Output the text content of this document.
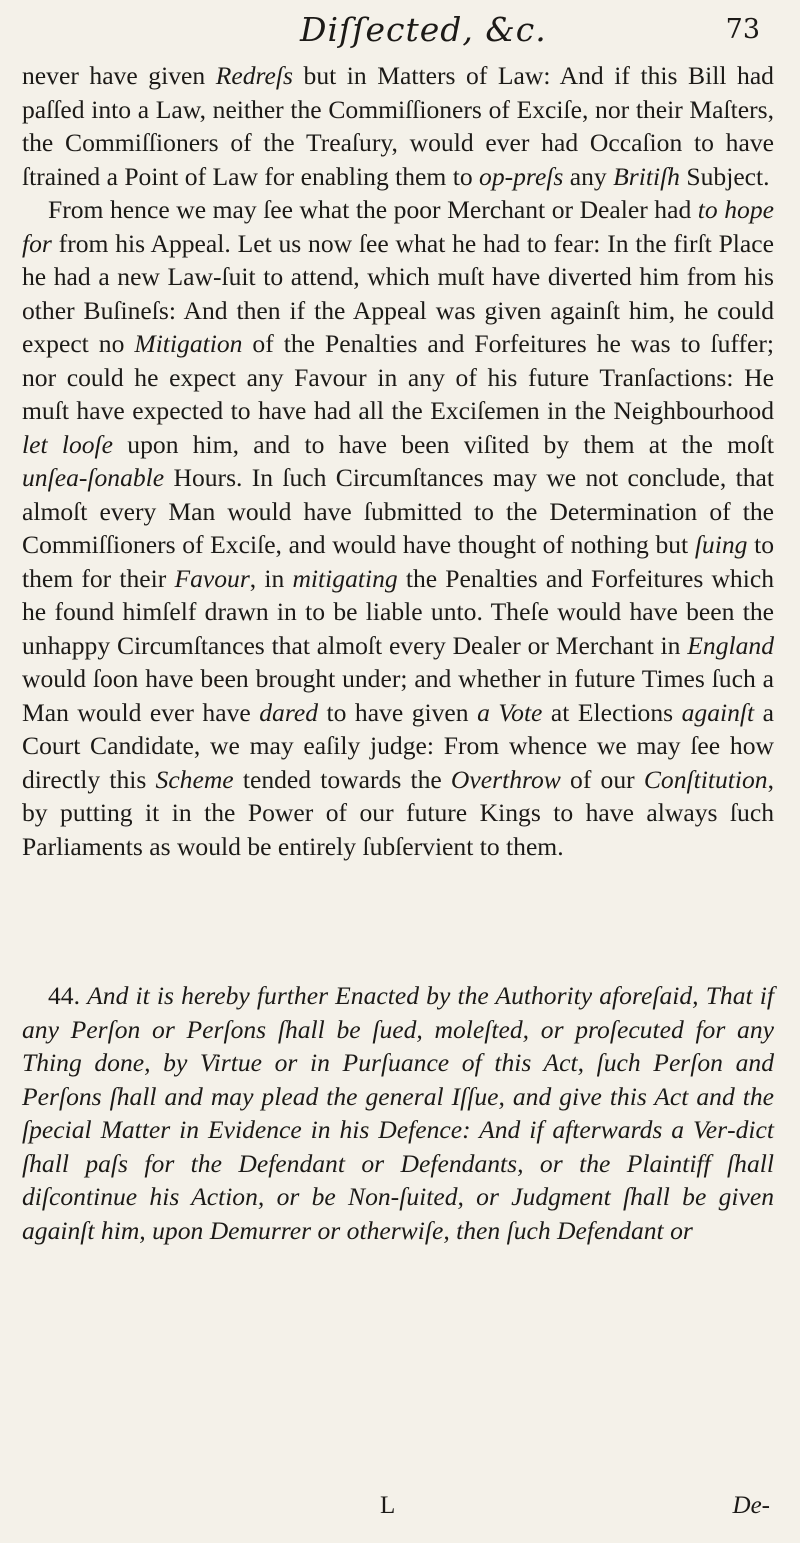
Diſſected, &c.	73

never have given Redreſs but in Matters of Law: And if this Bill had paſſed into a Law, neither the Commiſſioners of Exciſe, nor their Maſters, the Commiſſioners of the Treaſury, would ever had Occaſion to have ſtrained a Point of Law for enabling them to op‑preſs any Britiſh Subject.

From hence we may ſee what the poor Merchant or Dealer had to hope for from his Appeal. Let us now ſee what he had to fear: In the firſt Place he had a new Law-ſuit to attend, which muſt have diverted him from his other Buſineſs: And then if the Appeal was given againſt him, he could expect no Mitigation of the Penalties and Forfeitures he was to ſuffer; nor could he expect any Favour in any of his future Tranſactions: He muſt have expected to have had all the Exciſemen in the Neighbourhood let looſe upon him, and to have been viſited by them at the moſt unſea‑ſonable Hours. In ſuch Circumſtances may we not conclude, that almoſt every Man would have ſubmitted to the Determination of the Commiſſioners of Exciſe, and would have thought of nothing but ſuing to them for their Favour, in mitigating the Penalties and Forfeitures which he found himſelf drawn in to be liable unto. Theſe would have been the unhappy Circumſtances that almoſt every Dealer or Merchant in England would ſoon have been brought under; and whether in future Times ſuch a Man would ever have dared to have given a Vote at Elections againſt a Court Candidate, we may eaſily judge: From whence we may ſee how directly this Scheme tended towards the Overthrow of our Conſtitution, by putting it in the Power of our future Kings to have always ſuch Parliaments as would be entirely ſubſervient to them.

44. And it is hereby further Enacted by the Authority aforeſaid, That if any Perſon or Perſons ſhall be ſued, moleſted, or proſecuted for any Thing done, by Virtue or in Purſuance of this Act, ſuch Perſon and Perſons ſhall and may plead the general Iſſue, and give this Act and the ſpecial Matter in Evidence in his Defence: And if afterwards a Ver‑dict ſhall paſs for the Defendant or Defendants, or the Plaintiff ſhall diſcontinue his Action, or be Non‑ſuited, or Judgment ſhall be given againſt him, upon Demurrer or otherwiſe, then ſuch Defendant or

L	De-
